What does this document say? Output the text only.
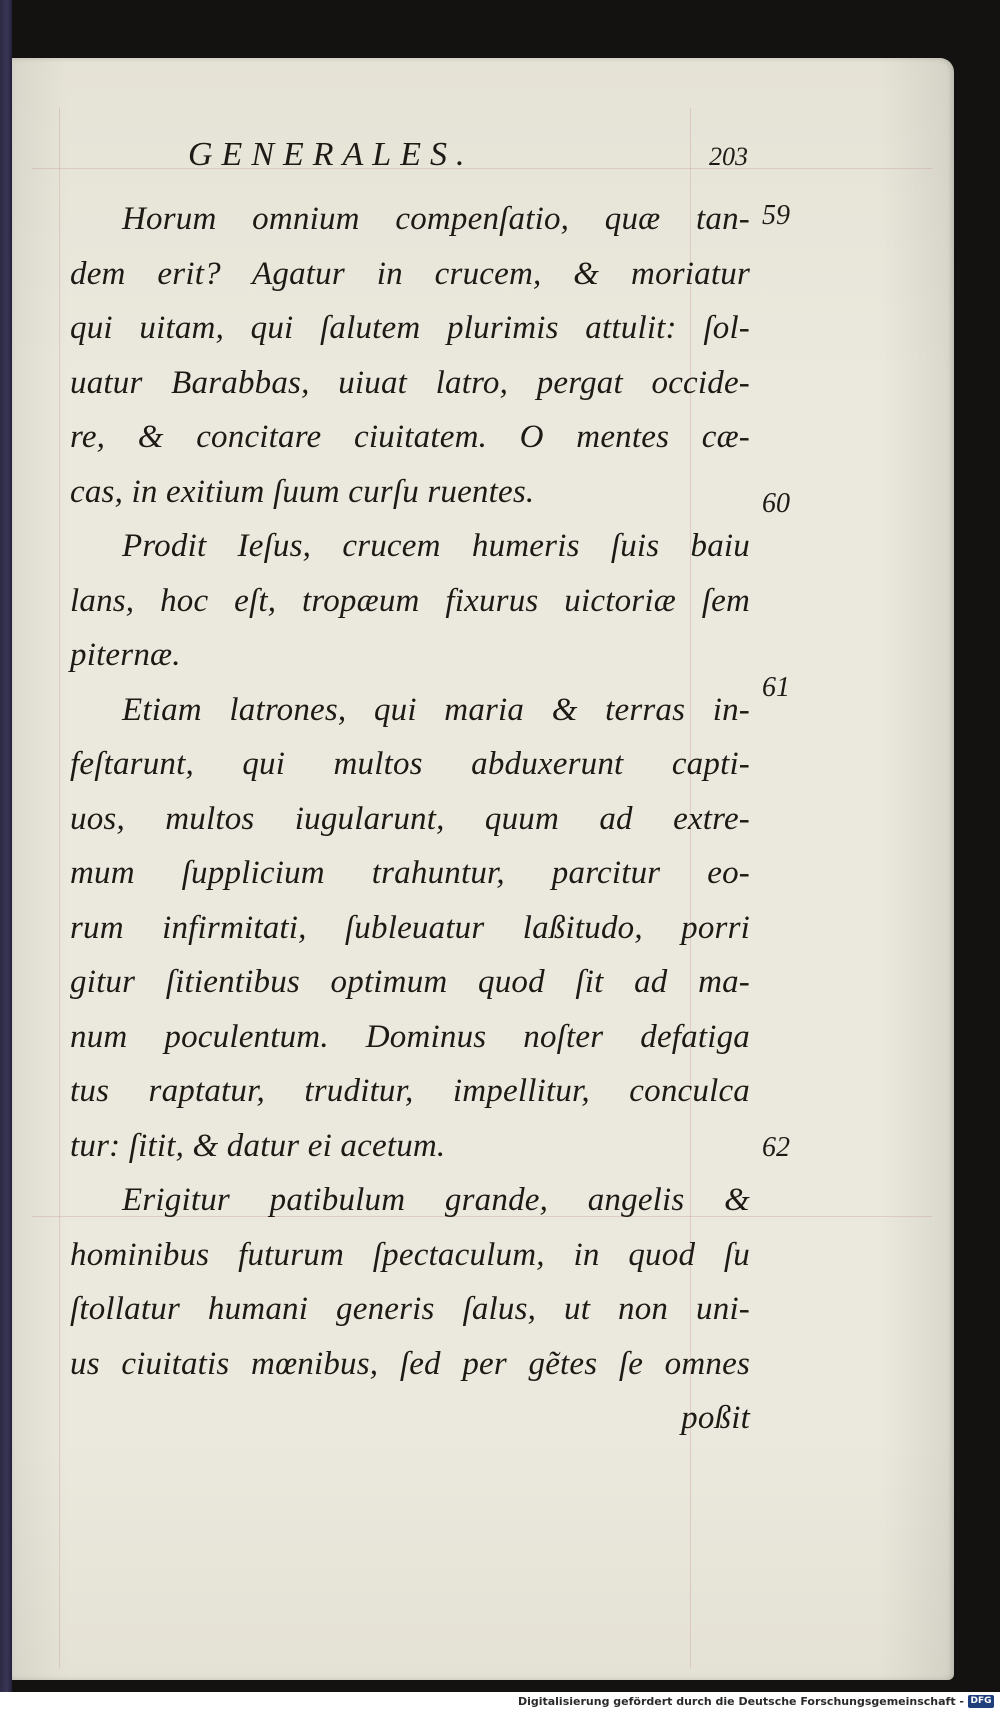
GENERALES.	203
Horum omnium compenſatio, quæ tan-
dem erit? Agatur in crucem, & moriatur
qui uitam, qui ſalutem plurimis attulit: ſol-
uatur Barabbas, uiuat latro, pergat occide-
re, & concitare ciuitatem. O mentes cæ-
cas, in exitium ſuum curſu ruentes.
Prodit Ieſus, crucem humeris ſuis baiu
lans, hoc eſt, tropæum fixurus uictoriæ ſem
piternæ.
Etiam latrones, qui maria & terras in-
feſtarunt, qui multos abduxerunt capti-
uos, multos iugularunt, quum ad extre-
mum ſupplicium trahuntur, parcitur eo-
rum infirmitati, ſubleuatur laßitudo, porri
gitur ſitientibus optimum quod ſit ad ma-
num poculentum. Dominus noſter defatiga
tus raptatur, truditur, impellitur, conculca
tur: ſitit, & datur ei acetum.
Erigitur patibulum grande, angelis &
hominibus futurum ſpectaculum, in quod ſu
ſtollatur humani generis ſalus, ut non uni-
us ciuitatis mœnibus, ſed per gẽtes ſe omnes
poßit
59
60
61
62
Digitalisierung gefördert durch die Deutsche Forschungsgemeinschaft - DFG
